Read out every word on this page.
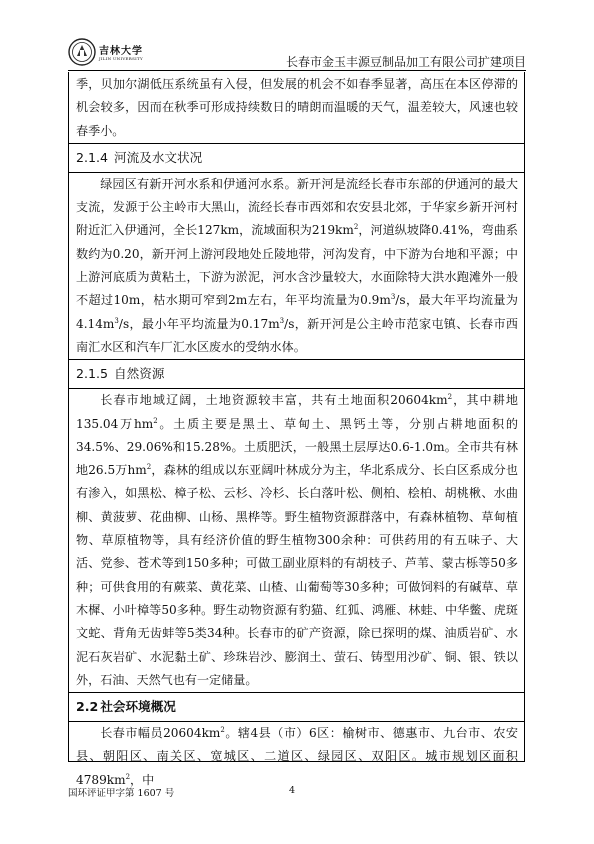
吉林大学
JILIN UNIVERSITY	长春市金玉丰源豆制品加工有限公司扩建项目

季，贝加尔湖低压系统虽有入侵，但发展的机会不如春季显著，高压在本区停滞的机会较多，因而在秋季可形成持续数日的晴朗而温暖的天气，温差较大，风速也较春季小。

2.1.4 河流及水文状况

绿园区有新开河水系和伊通河水系。新开河是流经长春市东部的伊通河的最大支流，发源于公主岭市大黑山，流经长春市西郊和农安县北郊，于华家乡新开河村附近汇入伊通河，全长127km，流域面积为$219km^2$，河道纵坡降0.41%，弯曲系数约为0.20，新开河上游河段地处丘陵地带，河沟发育，中下游为台地和平源；中上游河底质为黄粘土，下游为淤泥，河水含沙量较大，水面除特大洪水跑滩外一般不超过10m，枯水期可窄到2m左右，年平均流量为$0.9m^3/s$，最大年平均流量为$4.14m^3/s$，最小年平均流量为$0.17m^3/s$，新开河是公主岭市范家屯镇、长春市西南汇水区和汽车厂汇水区废水的受纳水体。

2.1.5 自然资源

长春市地域辽阔，土地资源较丰富，共有土地面积$20604km^2$，其中耕地135.04万$hm^2$。土质主要是黑土、草甸土、黑钙土等，分别占耕地面积的34.5%、29.06%和15.28%。土质肥沃，一般黑土层厚达0.6-1.0m。全市共有林地26.5万$hm^2$，森林的组成以东亚阔叶林成分为主，华北系成分、长白区系成分也有渗入，如黑松、樟子松、云杉、冷杉、长白落叶松、侧柏、桧柏、胡桃楸、水曲柳、黄菠萝、花曲柳、山杨、黑桦等。野生植物资源群落中，有森林植物、草甸植物、草原植物等，具有经济价值的野生植物300余种：可供药用的有五味子、大活、党参、苍术等到150多种；可做工副业原料的有胡枝子、芦苇、蒙古栎等50多种；可供食用的有蕨菜、黄花菜、山楂、山葡萄等30多种；可做饲料的有碱草、草木樨、小叶樟等50多种。野生动物资源有豹猫、红狐、鸿雁、林蛙、中华鳖、虎斑文蛇、背角无齿蚌等5类34种。长春市的矿产资源，除已探明的煤、油质岩矿、水泥石灰岩矿、水泥黏土矿、珍珠岩沙、膨润土、萤石、铸型用沙矿、铜、银、铁以外，石油、天然气也有一定储量。

2.2 社会环境概况

长春市幅员$20604km^2$。辖4县（市）6区：榆树市、德惠市、九台市、农安县、朝阳区、南关区、宽城区、二道区、绿园区、双阳区。城市规划区面积$4789km^2$，中

国环评证甲字第 1607 号	4
